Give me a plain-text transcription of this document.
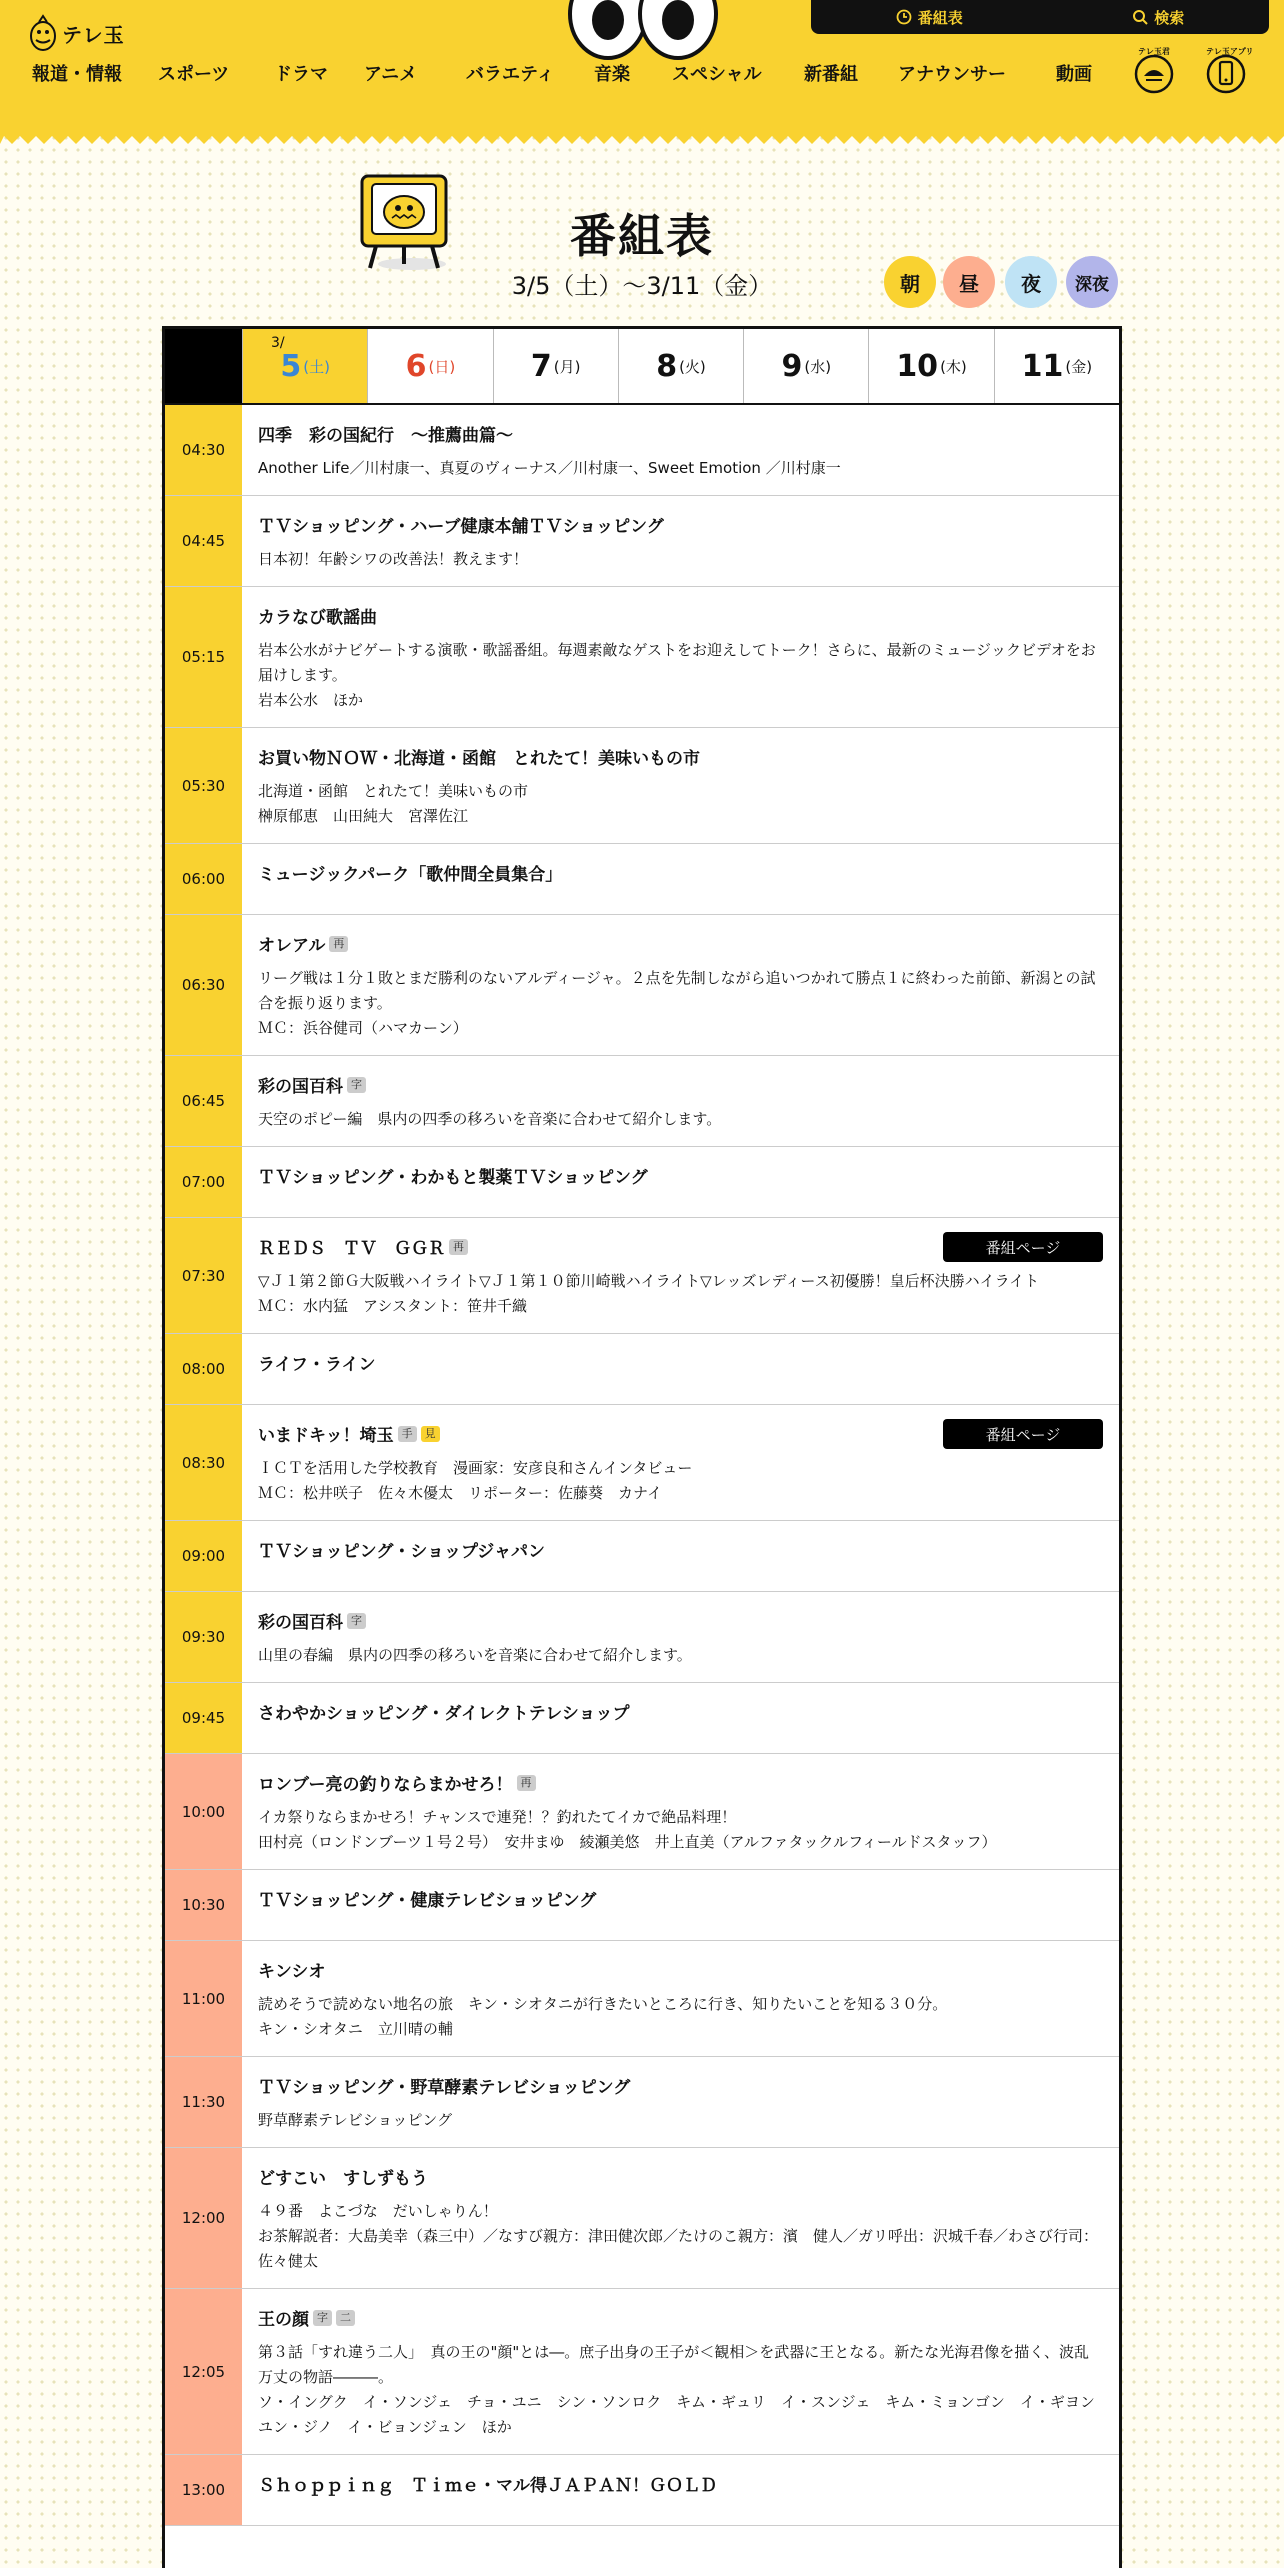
テレ玉
報道・情報 スポーツ ドラマ アニメ	バラエティ 音楽 スペシャル 新番組 アナウンサー	動画
番組表	検索
テレ玉君	テレ玉アプリ
番組表
3/5（土）〜3/11（金）	朝	昼	夜	深夜
3/
5 (土)	6 (日)	7 (月)	8 (火)	9 (水) 10 (木) 11 (金)
04:30
四季　彩の国紀行　～推薦曲篇～
Another Life／川村康一、真夏のヴィーナス／川村康一、Sweet Emotion ／川村康一
04:45
ＴＶショッピング・ハーブ健康本舗ＴＶショッピング
日本初！年齢シワの改善法！教えます！
05:15
カラなび歌謡曲
岩本公水がナビゲートする演歌・歌謡番組。毎週素敵なゲストをお迎えしてトーク！さらに、最新のミュージックビデオをお届けします。
岩本公水　ほか
05:30
お買い物ＮＯＷ・北海道・函館　とれたて！美味いもの市
北海道・函館　とれたて！美味いもの市
榊原郁恵　山田純大　宮澤佐江
06:00	ミュージックパーク「歌仲間全員集合」
06:30
オレアル 再
リーグ戦は１分１敗とまだ勝利のないアルディージャ。２点を先制しながら追いつかれて勝点１に終わった前節、新潟との試合を振り返ります。
ＭＣ：浜谷健司（ハマカーン）
06:45
彩の国百科 字
天空のポピー編　県内の四季の移ろいを音楽に合わせて紹介します。
07:00	ＴＶショッピング・わかもと製薬ＴＶショッピング
07:30
ＲＥＤＳ　ＴＶ　ＧＧＲ 再
▽Ｊ１第２節Ｇ大阪戦ハイライト▽Ｊ１第１０節川崎戦ハイライト▽レッズレディース初優勝！皇后杯決勝ハイライト
ＭＣ：水内猛　アシスタント：笹井千織
番組ページ
08:00	ライフ・ライン
08:30
いまドキッ！埼玉 手	見
ＩＣＴを活用した学校教育　漫画家：安彦良和さんインタビュー
ＭＣ：松井咲子　佐々木優太　リポーター：佐藤葵　カナイ
番組ページ
09:00	ＴＶショッピング・ショップジャパン
09:30
彩の国百科 字
山里の春編　県内の四季の移ろいを音楽に合わせて紹介します。
09:45	さわやかショッピング・ダイレクトテレショップ
10:00
ロンブー亮の釣りならまかせろ！ 再
イカ祭りならまかせろ！チャンスで連発！？釣れたてイカで絶品料理！
田村亮（ロンドンブーツ１号２号）　安井まゆ　綾瀬美悠　井上直美（アルファタックルフィールドスタッフ）
10:30	ＴＶショッピング・健康テレビショッピング
11:00
キンシオ
読めそうで読めない地名の旅　キン・シオタニが行きたいところに行き、知りたいことを知る３０分。
キン・シオタニ　立川晴の輔
11:30
ＴＶショッピング・野草酵素テレビショッピング
野草酵素テレビショッピング
12:00
どすこい　すしずもう
４９番　よこづな　だいしゃりん！
お茶解説者：大島美幸（森三中）／なすび親方：津田健次郎／たけのこ親方：濱　健人／ガリ呼出：沢城千春／わさび行司：佐々健太
12:05
王の顔 字	二
第３話「すれ違う二人」　真の王の"顔"とは―。庶子出身の王子が＜観相＞を武器に王となる。新たな光海君像を描く、波乱万丈の物語―――。
ソ・イングク　イ・ソンジェ　チョ・ユニ　シン・ソンロク　キム・ギュリ　イ・スンジェ　キム・ミョンゴン　イ・ギヨン　ユン・ジノ　イ・ビョンジュン　ほか
13:00	Ｓｈｏｐｐｉｎｇ　Ｔｉｍｅ・マル得ＪＡＰＡＮ！ＧＯＬＤ
